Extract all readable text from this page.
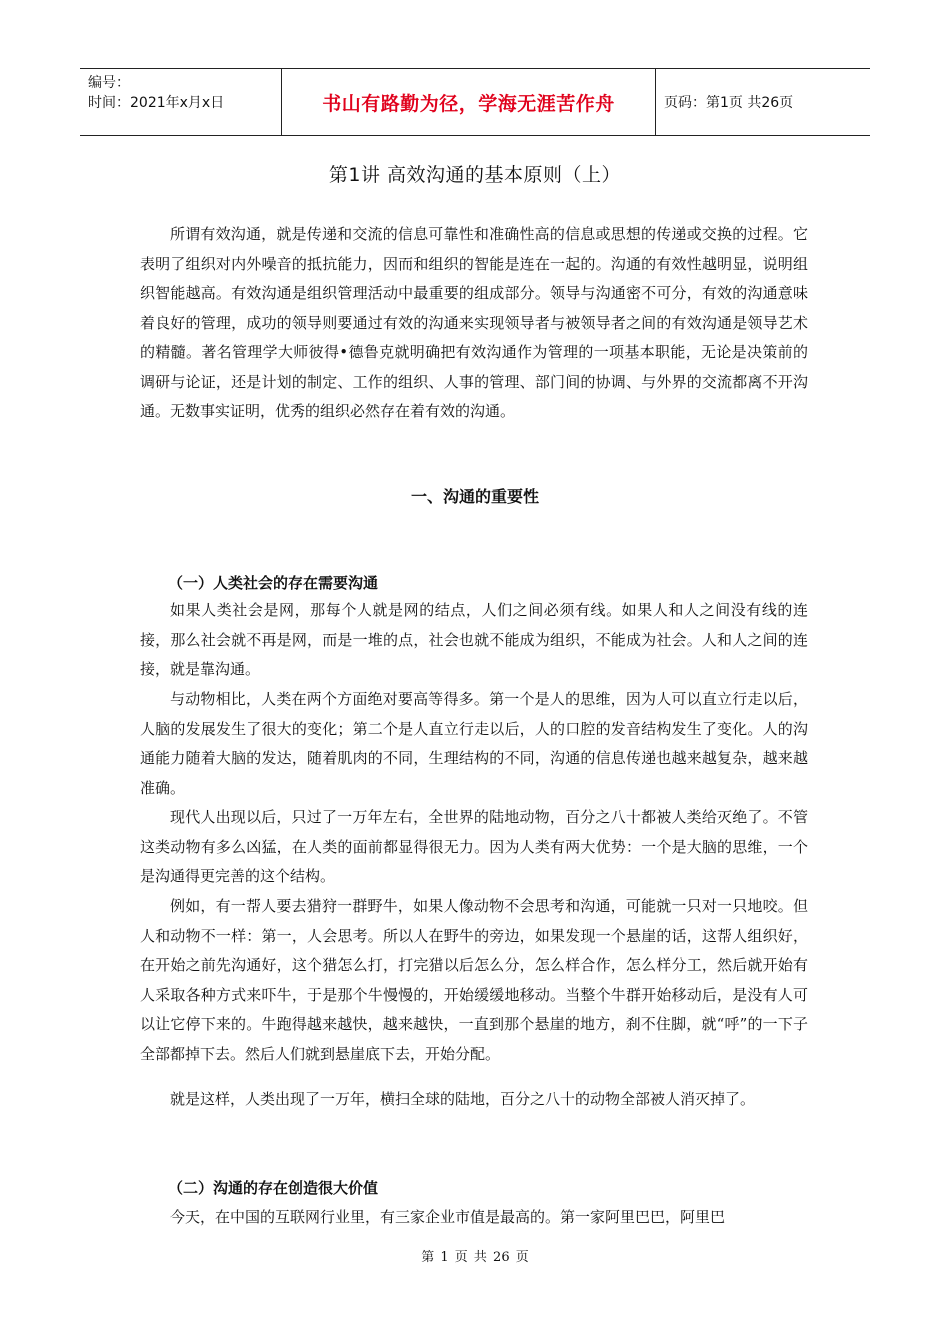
编号：
时间：2021年x月x日	书山有路勤为径，学海无涯苦作舟	页码：第1页 共26页
第1讲 高效沟通的基本原则（上）

所谓有效沟通，就是传递和交流的信息可靠性和准确性高的信息或思想的传递或交换的过程。它表明了组织对内外噪音的抵抗能力，因而和组织的智能是连在一起的。沟通的有效性越明显，说明组织智能越高。有效沟通是组织管理活动中最重要的组成部分。领导与沟通密不可分，有效的沟通意味着良好的管理，成功的领导则要通过有效的沟通来实现领导者与被领导者之间的有效沟通是领导艺术的精髓。著名管理学大师彼得•德鲁克就明确把有效沟通作为管理的一项基本职能，无论是决策前的调研与论证，还是计划的制定、工作的组织、人事的管理、部门间的协调、与外界的交流都离不开沟通。无数事实证明，优秀的组织必然存在着有效的沟通。

一、沟通的重要性
（一）人类社会的存在需要沟通

如果人类社会是网，那每个人就是网的结点，人们之间必须有线。如果人和人之间没有线的连接，那么社会就不再是网，而是一堆的点，社会也就不能成为组织，不能成为社会。人和人之间的连接，就是靠沟通。

与动物相比，人类在两个方面绝对要高等得多。第一个是人的思维，因为人可以直立行走以后，人脑的发展发生了很大的变化；第二个是人直立行走以后，人的口腔的发音结构发生了变化。人的沟通能力随着大脑的发达，随着肌肉的不同，生理结构的不同，沟通的信息传递也越来越复杂，越来越准确。

现代人出现以后，只过了一万年左右，全世界的陆地动物，百分之八十都被人类给灭绝了。不管这类动物有多么凶猛，在人类的面前都显得很无力。因为人类有两大优势：一个是大脑的思维，一个是沟通得更完善的这个结构。

例如，有一帮人要去猎狩一群野牛，如果人像动物不会思考和沟通，可能就一只对一只地咬。但人和动物不一样：第一，人会思考。所以人在野牛的旁边，如果发现一个悬崖的话，这帮人组织好，在开始之前先沟通好，这个猎怎么打，打完猎以后怎么分，怎么样合作，怎么样分工，然后就开始有人采取各种方式来吓牛，于是那个牛慢慢的，开始缓缓地移动。当整个牛群开始移动后，是没有人可以让它停下来的。牛跑得越来越快，越来越快，一直到那个悬崖的地方，刹不住脚，就“呼”的一下子全部都掉下去。然后人们就到悬崖底下去，开始分配。

就是这样，人类出现了一万年，横扫全球的陆地，百分之八十的动物全部被人消灭掉了。

（二）沟通的存在创造很大价值

今天，在中国的互联网行业里，有三家企业市值是最高的。第一家阿里巴巴，阿里巴

第 1 页 共 26 页
